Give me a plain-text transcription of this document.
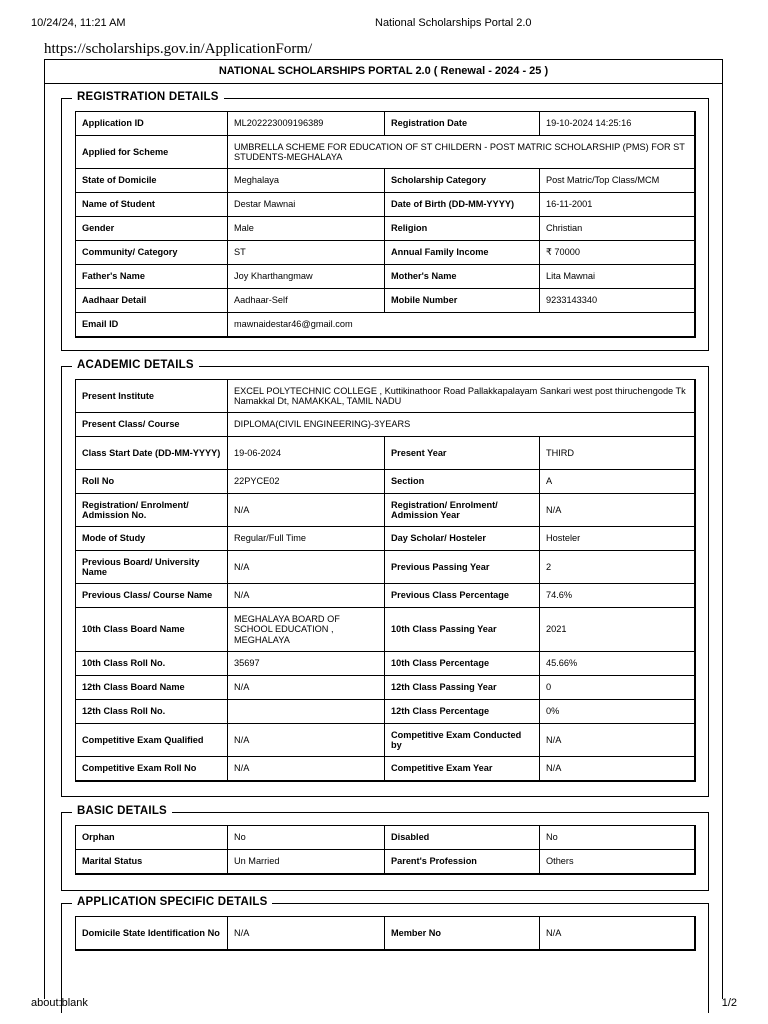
10/24/24, 11:21 AM	National Scholarships Portal 2.0
https://scholarships.gov.in/ApplicationForm/
NATIONAL SCHOLARSHIPS PORTAL 2.0 ( Renewal - 2024 - 25 )
REGISTRATION DETAILS
Application ID	ML202223009196389	Registration Date	19-10-2024 14:25:16
Applied for Scheme	UMBRELLA SCHEME FOR EDUCATION OF ST CHILDERN - POST MATRIC SCHOLARSHIP (PMS) FOR ST STUDENTS-MEGHALAYA		
State of Domicile	Meghalaya	Scholarship Category	Post Matric/Top Class/MCM
Name of Student	Destar Mawnai	Date of Birth (DD-MM-YYYY)	16-11-2001
Gender	Male	Religion	Christian
Community/ Category	ST	Annual Family Income	₹ 70000
Father's Name	Joy Kharthangmaw	Mother's Name	Lita Mawnai
Aadhaar Detail	Aadhaar-Self	Mobile Number	9233143340
Email ID	mawnaidestar46@gmail.com		
ACADEMIC DETAILS
Present Institute	EXCEL POLYTECHNIC COLLEGE , Kuttikinathoor Road Pallakkapalayam Sankari west post thiruchengode Tk Namakkal Dt, NAMAKKAL, TAMIL NADU		
Present Class/ Course	DIPLOMA(CIVIL ENGINEERING)-3YEARS		
Class Start Date (DD-MM-YYYY)	19-06-2024	Present Year	THIRD
Roll No	22PYCE02	Section	A
Registration/ Enrolment/ Admission No.	N/A	Registration/ Enrolment/ Admission Year	N/A
Mode of Study	Regular/Full Time	Day Scholar/ Hosteler	Hosteler
Previous Board/ University Name	N/A	Previous Passing Year	2
Previous Class/ Course Name	N/A	Previous Class Percentage	74.6%
10th Class Board Name	MEGHALAYA BOARD OF SCHOOL EDUCATION , MEGHALAYA	10th Class Passing Year	2021
10th Class Roll No.	35697	10th Class Percentage	45.66%
12th Class Board Name	N/A	12th Class Passing Year	0
12th Class Roll No.		12th Class Percentage	0%
Competitive Exam Qualified	N/A	Competitive Exam Conducted by	N/A
Competitive Exam Roll No	N/A	Competitive Exam Year	N/A
BASIC DETAILS
Orphan	No	Disabled	No
Marital Status	Un Married	Parent's Profession	Others
APPLICATION SPECIFIC DETAILS
Domicile State Identification No	N/A	Member No	N/A
about:blank	1/2
